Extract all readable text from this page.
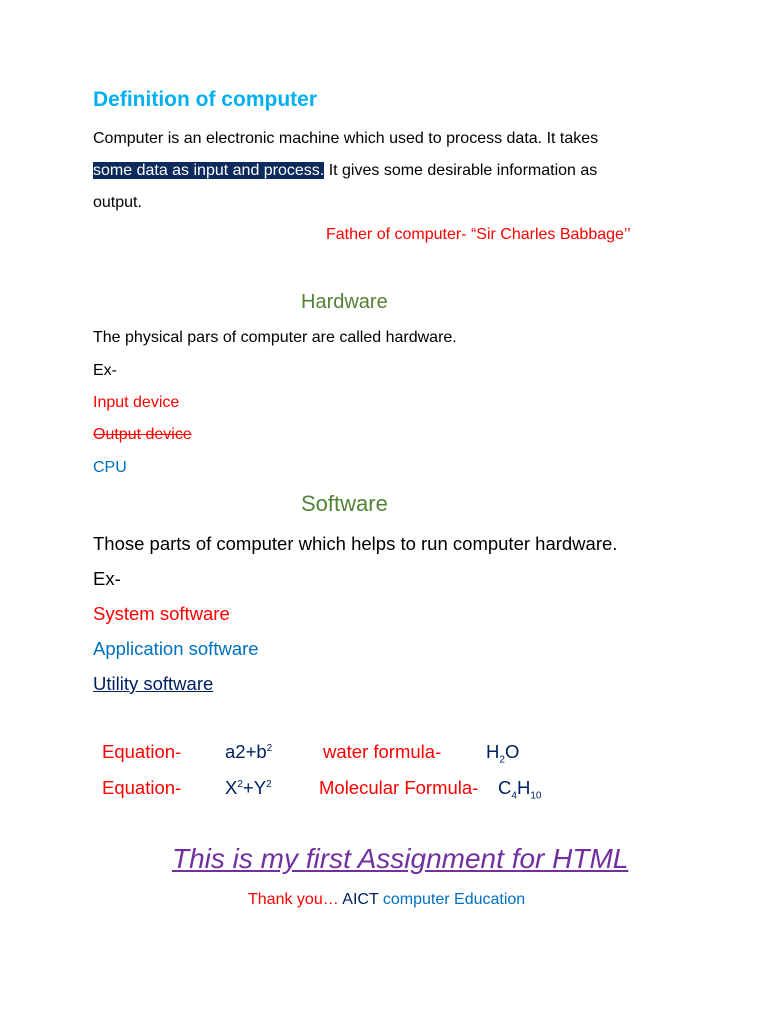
Definition of computer
Computer is an electronic machine which used to process data. It takes
some data as input and process. It gives some desirable information as
output.
Father of computer- “Sir Charles Babbage’’
Hardware
The physical pars of computer are called hardware.
Ex-
Input device
Output device
CPU
Software
Those parts of computer which helps to run computer hardware.
Ex-
System software
Application software
Utility software
Equation- $a2+b^2$	water formula- $H_2O$
Equation- $X^2+Y^2$	Molecular Formula- $C_4H_{10}$
This is my first Assignment for HTML
Thank you… AICT computer Education
